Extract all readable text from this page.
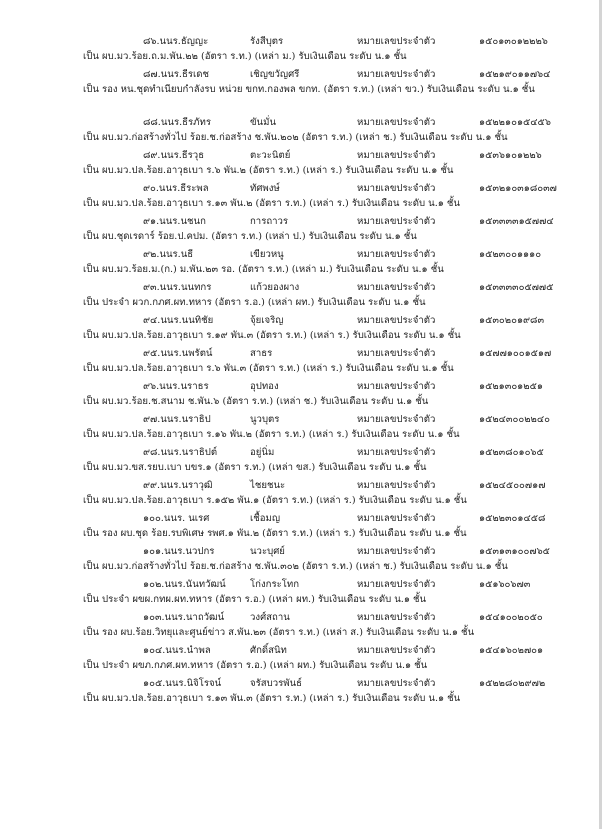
๘๖.นนร.ธัญญะ	รังสีบุตร	หมายเลขประจำตัว	๑๕๐๑๓๐๑๒๒๒๖
เป็น ผบ.มว.ร้อย.ถ.ม.พัน.๒๒ (อัตรา ร.ท.) (เหล่า ม.) รับเงินเดือน ระดับ น.๑ ชั้น
๘๗.นนร.ธีรเดช	เชิญขวัญศรี	หมายเลขประจำตัว	๑๕๒๑๙๐๑๑๗๖๔
เป็น รอง หน.ชุดทำเนียบกำลังรบ หน่วย ขกท.กองพล ขกท. (อัตรา ร.ท.) (เหล่า ขว.) รับเงินเดือน ระดับ น.๑ ชั้น
๘๘.นนร.ธีรภัทร	ขันมั่น	หมายเลขประจำตัว	๑๕๒๒๑๐๑๕๔๕๖
เป็น ผบ.มว.ก่อสร้างทั่วไป ร้อย.ช.ก่อสร้าง ช.พัน.๒๐๒ (อัตรา ร.ท.) (เหล่า ช.) รับเงินเดือน ระดับ น.๑ ชั้น
๘๙.นนร.ธีรวุธ	ตะวะนิตย์	หมายเลขประจำตัว	๑๕๓๖๑๐๑๒๒๖
เป็น ผบ.มว.ปล.ร้อย.อาวุธเบา ร.๖ พัน.๒ (อัตรา ร.ท.) (เหล่า ร.) รับเงินเดือน ระดับ น.๑ ชั้น
๙๐.นนร.ธีระพล	ทัศพงษ์	หมายเลขประจำตัว	๑๕๓๒๑๐๓๑๘๐๓๗
เป็น ผบ.มว.ปล.ร้อย.อาวุธเบา ร.๑๓ พัน.๒ (อัตรา ร.ท.) (เหล่า ร.) รับเงินเดือน ระดับ น.๑ ชั้น
๙๑.นนร.นชนก	การถาวร	หมายเลขประจำตัว	๑๕๓๓๓๓๑๕๗๗๔
เป็น ผบ.ชุดเรดาร์ ร้อย.ป.คปม. (อัตรา ร.ท.) (เหล่า ป.) รับเงินเดือน ระดับ น.๑ ชั้น
๙๒.นนร.นธี	เขียวหนู	หมายเลขประจำตัว	๑๕๒๓๐๐๑๑๑๐
เป็น ผบ.มว.ร้อย.ม.(ก.) ม.พัน.๒๓ รอ. (อัตรา ร.ท.) (เหล่า ม.) รับเงินเดือน ระดับ น.๑ ชั้น
๙๓.นนร.นนทกร	แก้วยองผาง	หมายเลขประจำตัว	๑๕๓๓๓๓๐๕๗๗๕
เป็น ประจำ ผวก.กภศ.ผท.ทหาร (อัตรา ร.อ.) (เหล่า ผท.) รับเงินเดือน ระดับ น.๑ ชั้น
๙๔.นนร.นนทิชัย	จุ้ยเจริญ	หมายเลขประจำตัว	๑๕๓๐๒๐๑๙๘๓
เป็น ผบ.มว.ปล.ร้อย.อาวุธเบา ร.๑๙ พัน.๓ (อัตรา ร.ท.) (เหล่า ร.) รับเงินเดือน ระดับ น.๑ ชั้น
๙๕.นนร.นพรัตน์	สาธร	หมายเลขประจำตัว	๑๕๗๗๑๐๐๑๕๑๗
เป็น ผบ.มว.ปล.ร้อย.อาวุธเบา ร.๖ พัน.๓ (อัตรา ร.ท.) (เหล่า ร.) รับเงินเดือน ระดับ น.๑ ชั้น
๙๖.นนร.นราธร	อุปทอง	หมายเลขประจำตัว	๑๕๒๑๓๐๑๒๕๑
เป็น ผบ.มว.ร้อย.ช.สนาม ช.พัน.๖ (อัตรา ร.ท.) (เหล่า ช.) รับเงินเดือน ระดับ น.๑ ชั้น
๙๗.นนร.นราธิป	นูวบุตร	หมายเลขประจำตัว	๑๕๒๔๓๐๐๒๒๔๐
เป็น ผบ.มว.ปล.ร้อย.อาวุธเบา ร.๑๖ พัน.๒ (อัตรา ร.ท.) (เหล่า ร.) รับเงินเดือน ระดับ น.๑ ชั้น
๙๘.นนร.นราธิปต์	อยู่นิ่ม	หมายเลขประจำตัว	๑๕๒๓๘๐๑๐๖๕
เป็น ผบ.มว.ขส.รยบ.เบา บขร.๑ (อัตรา ร.ท.) (เหล่า ขส.) รับเงินเดือน ระดับ น.๑ ชั้น
๙๙.นนร.นราวุฒิ	ไชยชนะ	หมายเลขประจำตัว	๑๕๒๔๕๐๐๗๑๗
เป็น ผบ.มว.ปล.ร้อย.อาวุธเบา ร.๑๕๒ พัน.๑ (อัตรา ร.ท.) (เหล่า ร.) รับเงินเดือน ระดับ น.๑ ชั้น
๑๐๐.นนร. นเรศ	เชื้อมญ	หมายเลขประจำตัว	๑๕๒๒๓๐๑๔๕๘
เป็น รอง ผบ.ชุด ร้อย.รบพิเศษ รพศ.๑ พัน.๒ (อัตรา ร.ท.) (เหล่า ร.) รับเงินเดือน ระดับ น.๑ ชั้น
๑๐๑.นนร.นวปกร	นวะบุศย์	หมายเลขประจำตัว	๑๕๓๑๓๑๐๐๗๖๕
เป็น ผบ.มว.ก่อสร้างทั่วไป ร้อย.ช.ก่อสร้าง ช.พัน.๓๐๒ (อัตรา ร.ท.) (เหล่า ช.) รับเงินเดือน ระดับ น.๑ ชั้น
๑๐๒.นนร.นันทวัฒน์	โก่งกระโทก	หมายเลขประจำตัว	๑๕๑๖๐๖๗๓
เป็น ประจำ ผขผ.กทผ.ผท.ทหาร (อัตรา ร.อ.) (เหล่า ผท.) รับเงินเดือน ระดับ น.๑ ชั้น
๑๐๓.นนร.นาถวัฒน์	วงศ์สถาน	หมายเลขประจำตัว	๑๕๔๑๐๐๒๐๕๐
เป็น รอง ผบ.ร้อย.วิทยุและศูนย์ข่าว ส.พัน.๒๓ (อัตรา ร.ท.) (เหล่า ส.) รับเงินเดือน ระดับ น.๑ ชั้น
๑๐๔.นนร.นำพล	ศักดิ์สนิท	หมายเลขประจำตัว	๑๕๔๑๖๐๒๗๐๑
เป็น ประจำ ผขภ.กภศ.ผท.ทหาร (อัตรา ร.อ.) (เหล่า ผท.) รับเงินเดือน ระดับ น.๑ ชั้น
๑๐๕.นนร.นิจิโรจน์	จรัสบวรพันธ์	หมายเลขประจำตัว	๑๕๒๒๘๐๒๙๗๒
เป็น ผบ.มว.ปล.ร้อย.อาวุธเบา ร.๑๓ พัน.๓ (อัตรา ร.ท.) (เหล่า ร.) รับเงินเดือน ระดับ น.๑ ชั้น
